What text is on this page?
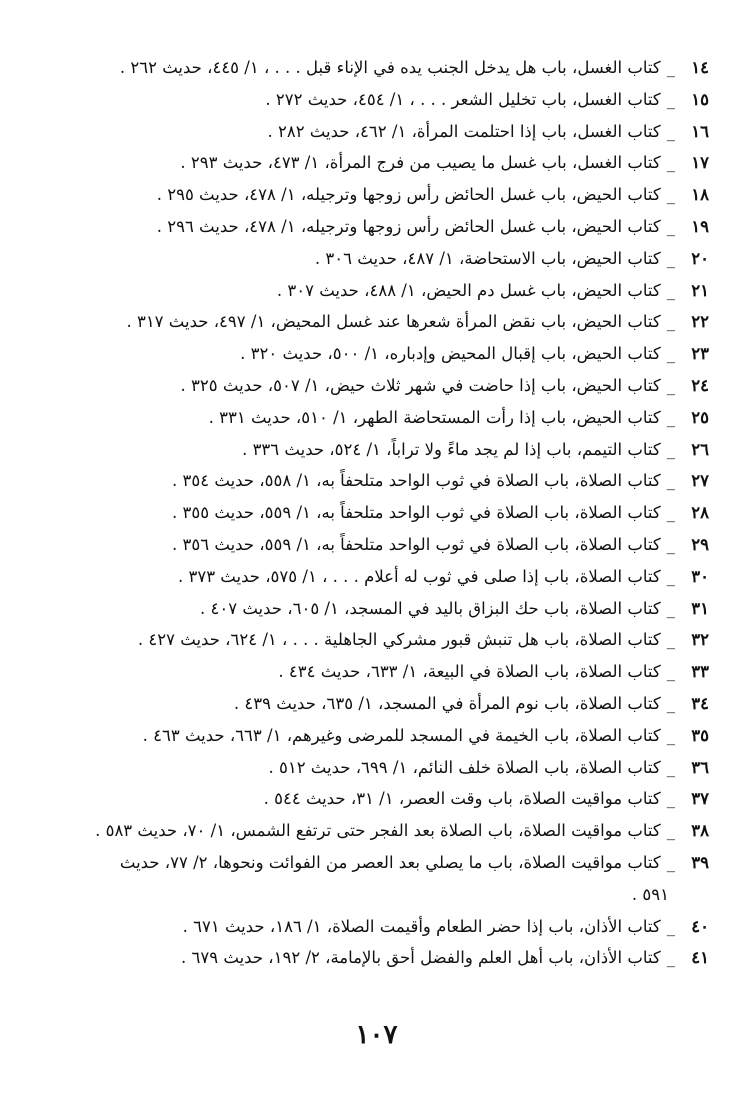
١٤_كتاب الغسل، باب هل يدخل الجنب يده في الإناء قبل . . . ، ١/ ٤٤٥، حديث ٢٦٢ .
١٥_كتاب الغسل، باب تخليل الشعر . . . ، ١/ ٤٥٤، حديث ٢٧٢ .
١٦_كتاب الغسل، باب إذا احتلمت المرأة، ١/ ٤٦٢، حديث ٢٨٢ .
١٧_كتاب الغسل، باب غسل ما يصيب من فرج المرأة، ١/ ٤٧٣، حديث ٢٩٣ .
١٨_كتاب الحيض، باب غسل الحائض رأس زوجها وترجيله، ١/ ٤٧٨، حديث ٢٩٥ .
١٩_كتاب الحيض، باب غسل الحائض رأس زوجها وترجيله، ١/ ٤٧٨، حديث ٢٩٦ .
٢٠_كتاب الحيض، باب الاستحاضة، ١/ ٤٨٧، حديث ٣٠٦ .
٢١_كتاب الحيض، باب غسل دم الحيض، ١/ ٤٨٨، حديث ٣٠٧ .
٢٢_كتاب الحيض، باب نقض المرأة شعرها عند غسل المحيض، ١/ ٤٩٧، حديث ٣١٧ .
٢٣_كتاب الحيض، باب إقبال المحيض وإدباره، ١/ ٥٠٠، حديث ٣٢٠ .
٢٤_كتاب الحيض، باب إذا حاضت في شهر ثلاث حيض، ١/ ٥٠٧، حديث ٣٢٥ .
٢٥_كتاب الحيض، باب إذا رأت المستحاضة الطهر، ١/ ٥١٠، حديث ٣٣١ .
٢٦_كتاب التيمم، باب إذا لم يجد ماءً ولا تراباً، ١/ ٥٢٤، حديث ٣٣٦ .
٢٧_كتاب الصلاة، باب الصلاة في ثوب الواحد متلحفاً به، ١/ ٥٥٨، حديث ٣٥٤ .
٢٨_كتاب الصلاة، باب الصلاة في ثوب الواحد متلحفاً به، ١/ ٥٥٩، حديث ٣٥٥ .
٢٩_كتاب الصلاة، باب الصلاة في ثوب الواحد متلحفاً به، ١/ ٥٥٩، حديث ٣٥٦ .
٣٠_كتاب الصلاة، باب إذا صلى في ثوب له أعلام . . . ، ١/ ٥٧٥، حديث ٣٧٣ .
٣١_كتاب الصلاة، باب حك البزاق باليد في المسجد، ١/ ٦٠٥، حديث ٤٠٧ .
٣٢_كتاب الصلاة، باب هل تنبش قبور مشركي الجاهلية . . . ، ١/ ٦٢٤، حديث ٤٢٧ .
٣٣_كتاب الصلاة، باب الصلاة في البيعة، ١/ ٦٣٣، حديث ٤٣٤ .
٣٤_كتاب الصلاة، باب نوم المرأة في المسجد، ١/ ٦٣٥، حديث ٤٣٩ .
٣٥_كتاب الصلاة، باب الخيمة في المسجد للمرضى وغيرهم، ١/ ٦٦٣، حديث ٤٦٣ .
٣٦_كتاب الصلاة، باب الصلاة خلف النائم، ١/ ٦٩٩، حديث ٥١٢ .
٣٧_كتاب مواقيت الصلاة، باب وقت العصر، ١/ ٣١، حديث ٥٤٤ .
٣٨_كتاب مواقيت الصلاة، باب الصلاة بعد الفجر حتى ترتفع الشمس، ١/ ٧٠، حديث ٥٨٣ .
٣٩_كتاب مواقيت الصلاة، باب ما يصلي بعد العصر من الفوائت ونحوها، ٢/ ٧٧، حديث
٥٩١ .
٤٠_كتاب الأذان، باب إذا حضر الطعام وأقيمت الصلاة، ١/ ١٨٦، حديث ٦٧١ .
٤١_كتاب الأذان، باب أهل العلم والفضل أحق بالإمامة، ٢/ ١٩٢، حديث ٦٧٩ .
١٠٧
